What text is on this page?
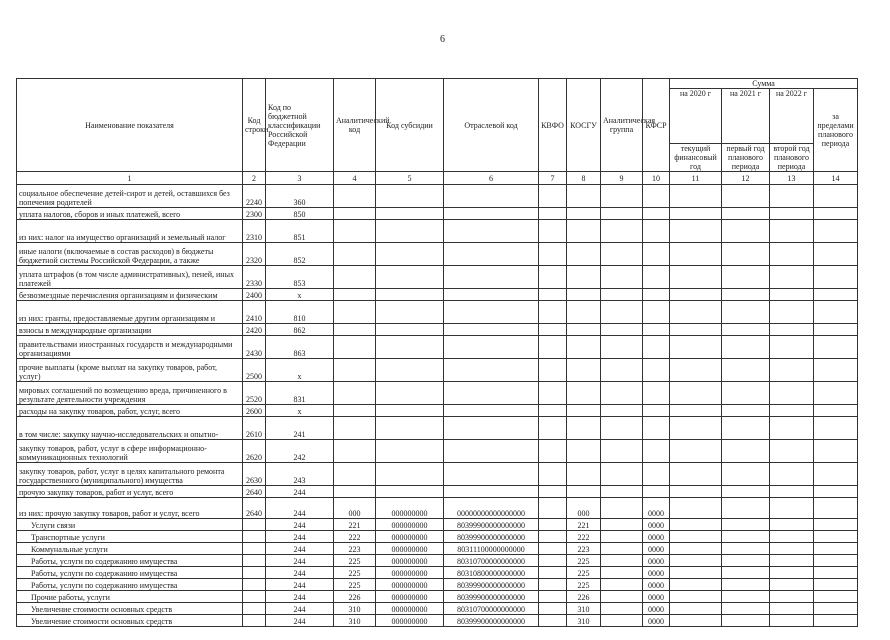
6
Наименование показателя	Код строки	Код по бюджетной классификации Российской Федерации	Аналитический код	Код субсидии	Отраслевой код	КВФО	КОСГУ	Аналитическая группа	КФСР	Сумма			
										на 2020 г	на 2021 г	на 2022 г	за пределами планового периода
										текущий финансовый год	первый год планового периода	второй год планового периода	
1	2	3	4	5	6	7	8	9	10	11	12	13	14
социальное обеспечение детей-сирот и детей, оставшихся без попечения родителей	2240	360											
уплата налогов, сборов и иных платежей, всего	2300	850											
из них: налог на имущество организаций и земельный налог	2310	851											
иные налоги (включаемые в состав расходов) в бюджеты бюджетной системы Российской Федерации, а также	2320	852											
уплата штрафов (в том числе административных), пеней, иных платежей	2330	853											
безвозмездные перечисления организациям и физическим	2400	x											
из них: гранты, предоставляемые другим организациям и	2410	810											
взносы в международные организации	2420	862											
правительствами иностранных государств и международными организациями	2430	863											
прочие выплаты (кроме выплат на закупку товаров, работ, услуг)	2500	x											
мировых соглашений по возмещению вреда, причиненного в результате деятельности учреждения	2520	831											
расходы на закупку товаров, работ, услуг, всего	2600	x											
в том числе: закупку научно-исследовательских и опытно-	2610	241											
закупку товаров, работ, услуг в сфере информационно-коммуникационных технологий	2620	242											
закупку товаров, работ, услуг в целях капитального ремонта государственного (муниципального) имущества	2630	243											
прочую закупку товаров, работ и услуг, всего	2640	244											
из них: прочую закупку товаров, работ и услуг, всего	2640	244	000	000000000	00000000000000000		000		0000				
Услуги связи		244	221	000000000	80399900000000000		221		0000				
Транспортные услуги		244	222	000000000	80399900000000000		222		0000				
Коммунальные услуги		244	223	000000000	80311100000000000		223		0000				
Работы, услуги по содержанию имущества		244	225	000000000	80310700000000000		225		0000				
Работы, услуги по содержанию имущества		244	225	000000000	80310800000000000		225		0000				
Работы, услуги по содержанию имущества		244	225	000000000	80399900000000000		225		0000				
Прочие работы, услуги		244	226	000000000	80399900000000000		226		0000				
Увеличение стоимости основных средств		244	310	000000000	80310700000000000		310		0000				
Увеличение стоимости основных средств		244	310	000000000	80399900000000000		310		0000				
